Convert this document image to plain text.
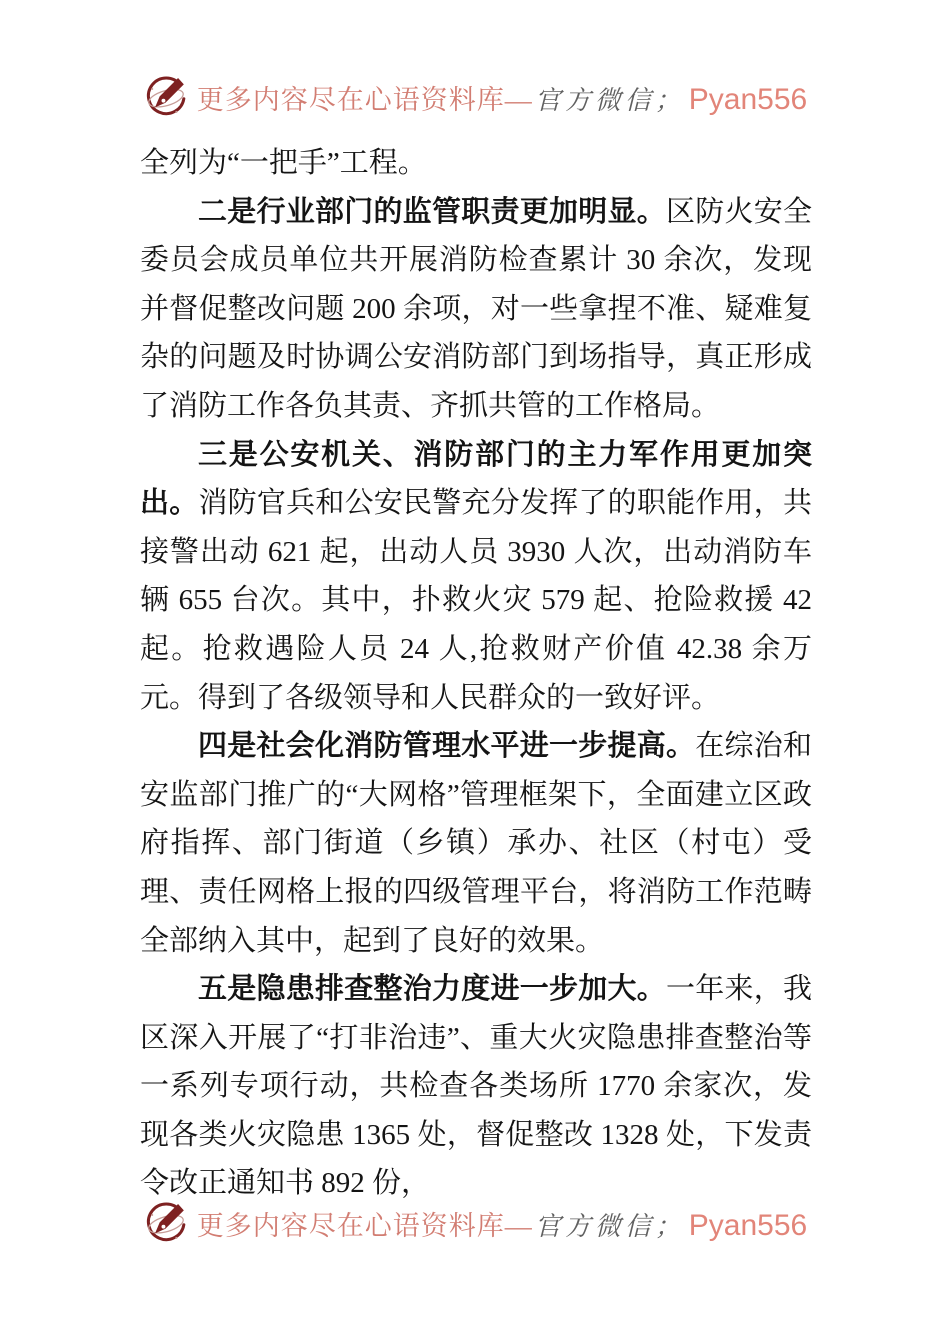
更多内容尽在心语资料库— 官方微信； Pyan556

全列为“一把手”工程。

二是行业部门的监管职责更加明显。区防火安全委员会成员单位共开展消防检查累计 30 余次，发现并督促整改问题 200 余项，对一些拿捏不准、疑难复杂的问题及时协调公安消防部门到场指导，真正形成了消防工作各负其责、齐抓共管的工作格局。

三是公安机关、消防部门的主力军作用更加突出。消防官兵和公安民警充分发挥了的职能作用，共接警出动 621 起，出动人员 3930 人次，出动消防车辆 655 台次。其中，扑救火灾 579 起、抢险救援 42 起。抢救遇险人员 24 人,抢救财产价值 42.38 余万元。得到了各级领导和人民群众的一致好评。

四是社会化消防管理水平进一步提高。在综治和安监部门推广的“大网格”管理框架下，全面建立区政府指挥、部门街道（乡镇）承办、社区（村屯）受理、责任网格上报的四级管理平台，将消防工作范畴全部纳入其中，起到了良好的效果。

五是隐患排查整治力度进一步加大。一年来，我区深入开展了“打非治违”、重大火灾隐患排查整治等一系列专项行动，共检查各类场所 1770 余家次，发现各类火灾隐患 1365 处，督促整改 1328 处，下发责令改正通知书 892 份，

更多内容尽在心语资料库— 官方微信； Pyan556
